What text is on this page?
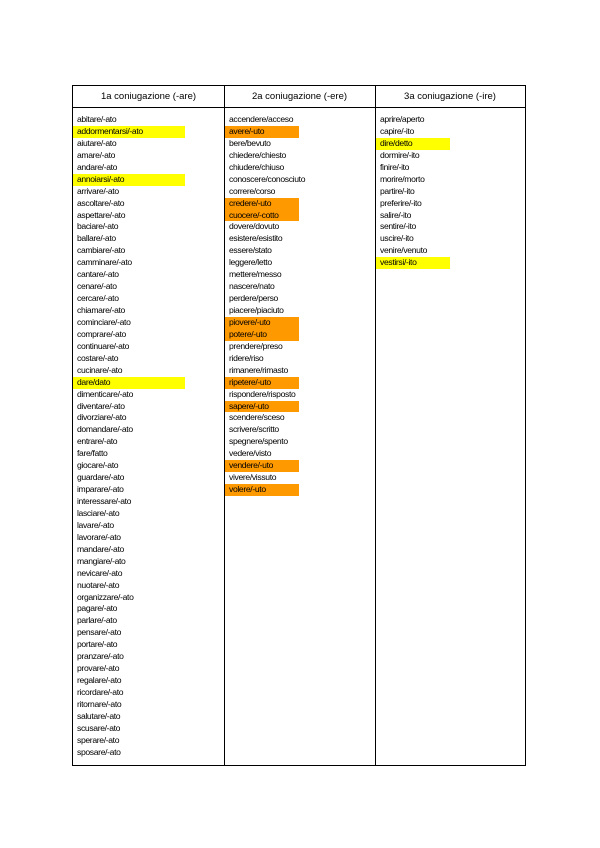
1a coniugazione (-are)	2a coniugazione (-ere)	3a coniugazione (-ire)
abitare/-ato
addormentarsi/-ato
aiutare/-ato
amare/-ato
andare/-ato
annoiarsi/-ato
arrivare/-ato
ascoltare/-ato
aspettare/-ato
baciare/-ato
ballare/-ato
cambiare/-ato
camminare/-ato
cantare/-ato
cenare/-ato
cercare/-ato
chiamare/-ato
cominciare/-ato
comprare/-ato
continuare/-ato
costare/-ato
cucinare/-ato
dare/dato
dimenticare/-ato
diventare/-ato
divorziare/-ato
domandare/-ato
entrare/-ato
fare/fatto
giocare/-ato
guardare/-ato
imparare/-ato
interessare/-ato
lasciare/-ato
lavare/-ato
lavorare/-ato
mandare/-ato
mangiare/-ato
nevicare/-ato
nuotare/-ato
organizzare/-ato
pagare/-ato
parlare/-ato
pensare/-ato
portare/-ato
pranzare/-ato
provare/-ato
regalare/-ato
ricordare/-ato
ritornare/-ato
salutare/-ato
scusare/-ato
sperare/-ato
sposare/-ato
accendere/acceso
avere/-uto
bere/bevuto
chiedere/chiesto
chiudere/chiuso
conoscere/conosciuto
correre/corso
credere/-uto
cuocere/-cotto
dovere/dovuto
esistere/esistito
essere/stato
leggere/letto
mettere/messo
nascere/nato
perdere/perso
piacere/piaciuto
piovere/-uto
potere/-uto
prendere/preso
ridere/riso
rimanere/rimasto
ripetere/-uto
rispondere/risposto
sapere/-uto
scendere/sceso
scrivere/scritto
spegnere/spento
vedere/visto
vendere/-uto
vivere/vissuto
volere/-uto
aprire/aperto
capire/-ito
dire/detto
dormire/-ito
finire/-ito
morire/morto
partire/-ito
preferire/-ito
salire/-ito
sentire/-ito
uscire/-ito
venire/venuto
vestirsi/-ito
